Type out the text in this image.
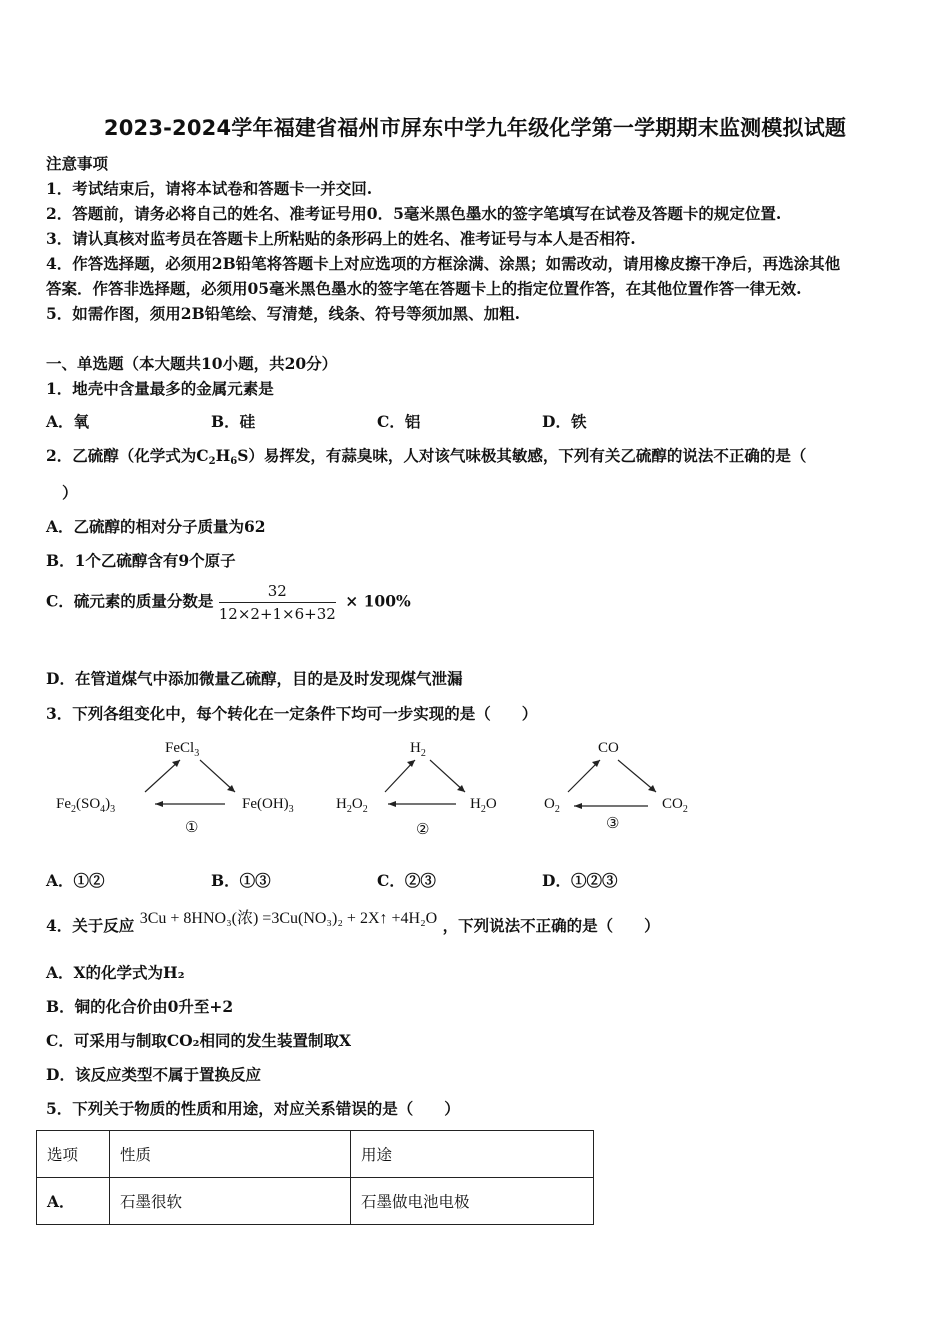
2023-2024学年福建省福州市屏东中学九年级化学第一学期期末监测模拟试题
注意事项
1．考试结束后，请将本试卷和答题卡一并交回.
2．答题前，请务必将自己的姓名、准考证号用0．5毫米黑色墨水的签字笔填写在试卷及答题卡的规定位置.
3．请认真核对监考员在答题卡上所粘贴的条形码上的姓名、准考证号与本人是否相符.
4．作答选择题，必须用2B铅笔将答题卡上对应选项的方框涂满、涂黑；如需改动，请用橡皮擦干净后，再选涂其他
答案．作答非选择题，必须用05毫米黑色墨水的签字笔在答题卡上的指定位置作答，在其他位置作答一律无效.
5．如需作图，须用2B铅笔绘、写清楚，线条、符号等须加黑、加粗.
一、单选题（本大题共10小题，共20分）
1．地壳中含量最多的金属元素是
A．氧	B．硅	C．铝	D．铁
2．乙硫醇（化学式为$C_2H_6S$）易挥发，有蒜臭味，人对该气味极其敏感，下列有关乙硫醇的说法不正确的是（
）
A．乙硫醇的相对分子质量为62
B．1个乙硫醇含有9个原子
C．硫元素的质量分数是 $\frac{32}{12\times 2+1\times 6+32} \times 100\%$
D．在管道煤气中添加微量乙硫醇，目的是及时发现煤气泄漏
3．下列各组变化中，每个转化在一定条件下均可一步实现的是（　　）
FeCl$_3$
$Fe_2(SO_4)_3$	$Fe(OH)_3$
①
$H_2$
$H_2O_2$	$H_2O$
②
CO
$O_2$	$CO_2$
③
A．①②	B．①③	C．②③	D．①②③
4．关于反应 3Cu + 8HNO₃(浓) =3Cu(NO₃)₂ + 2X↑ +4H₂O ，下列说法不正确的是（　　）
A．X的化学式为H₂
B．铜的化合价由0升至+2
C．可采用与制取CO₂相同的发生装置制取X
D．该反应类型不属于置换反应
5．下列关于物质的性质和用途，对应关系错误的是（　　）
选项	性质	用途
A．	石墨很软	石墨做电池电极
